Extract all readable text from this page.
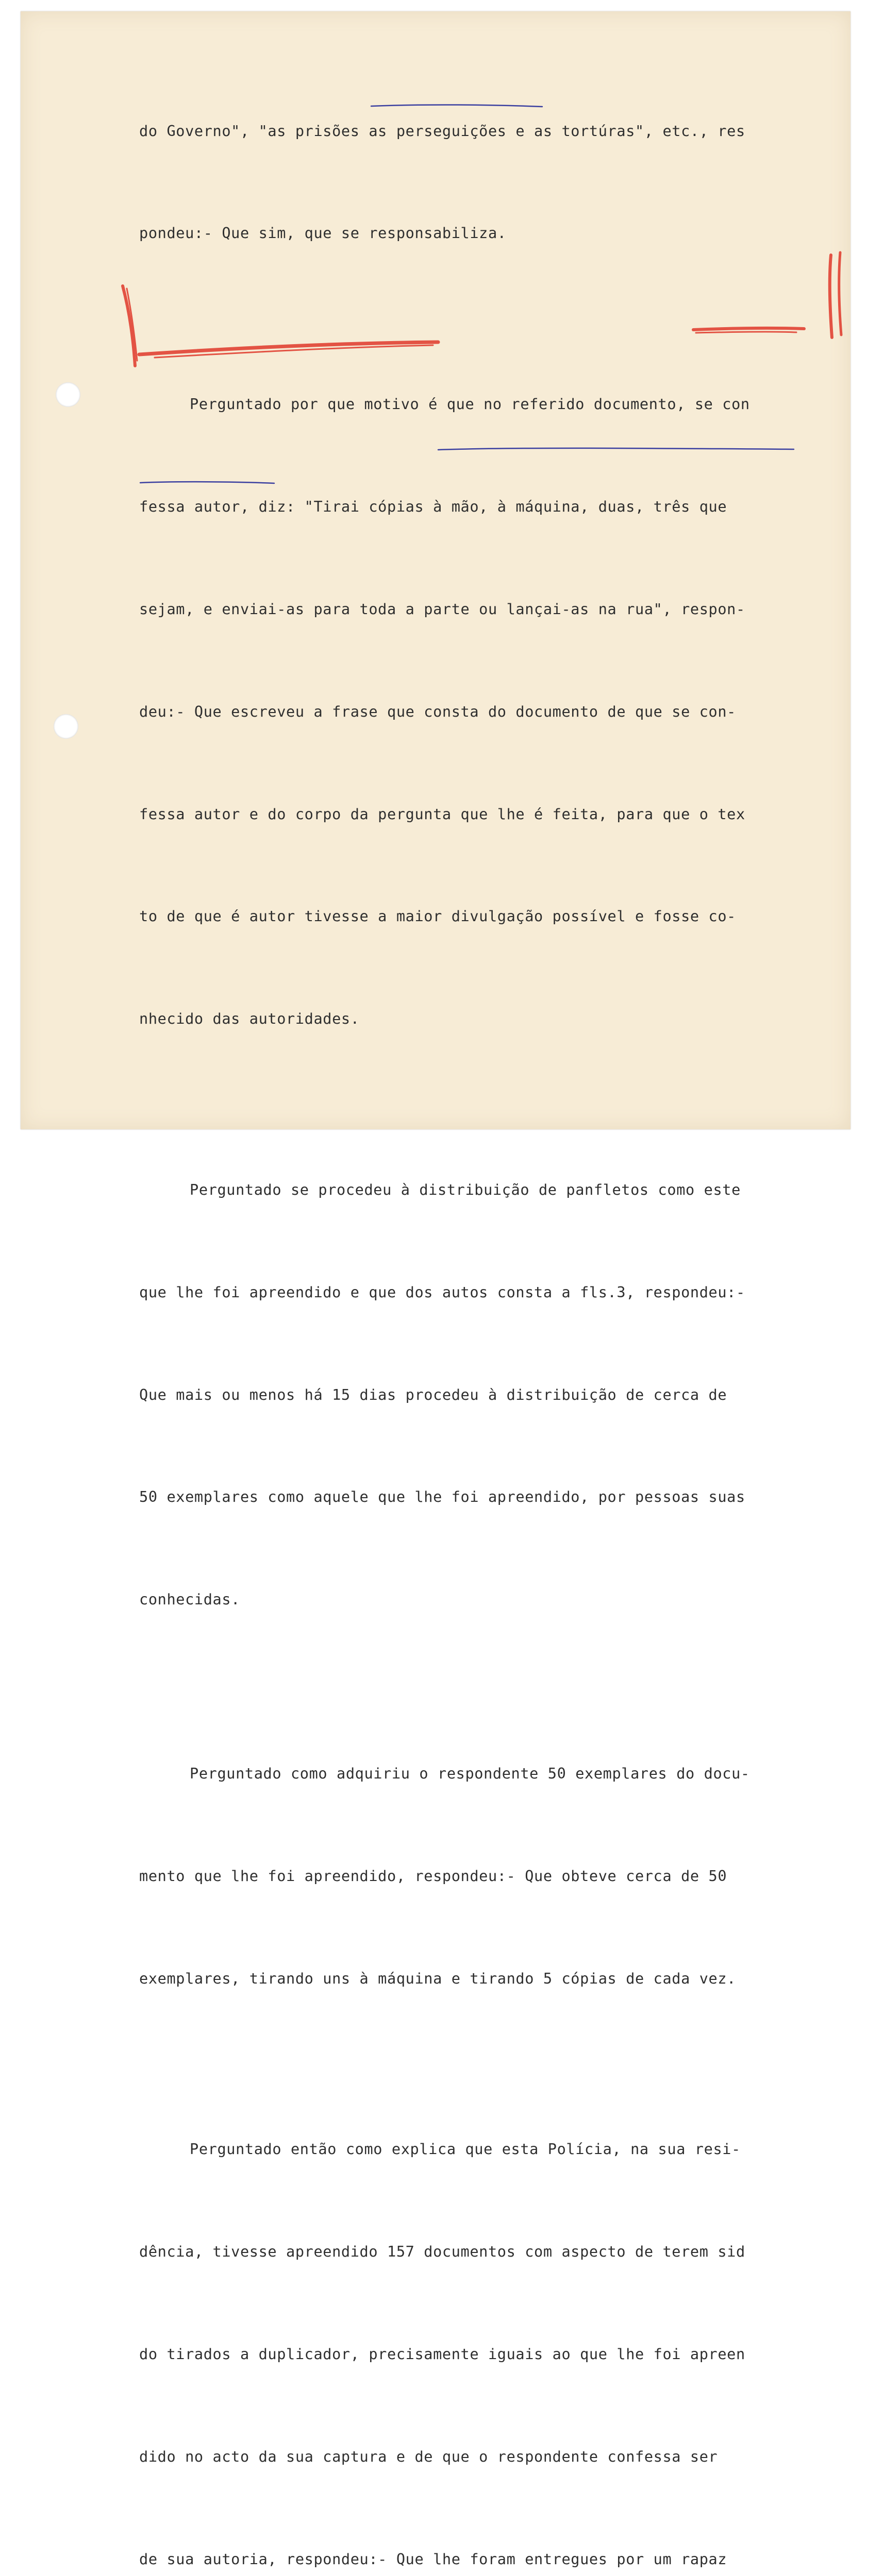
do Governo", "as prisões as perseguições e as tortúras", etc., res

pondeu:- Que sim, que se responsabiliza.

Perguntado por que motivo é que no referido documento, se con

fessa autor, diz: "Tirai cópias à mão, à máquina, duas, três que

sejam, e enviai-as para toda a parte ou lançai-as na rua", respon-

deu:- Que escreveu a frase que consta do documento de que se con-

fessa autor e do corpo da pergunta que lhe é feita, para que o tex

to de que é autor tivesse a maior divulgação possível e fosse co-

nhecido das autoridades.

Perguntado se procedeu à distribuição de panfletos como este

que lhe foi apreendido e que dos autos consta a fls.3, respondeu:-

Que mais ou menos há 15 dias procedeu à distribuição de cerca de

50 exemplares como aquele que lhe foi apreendido, por pessoas suas

conhecidas.

Perguntado como adquiriu o respondente 50 exemplares do docu-

mento que lhe foi apreendido, respondeu:- Que obteve cerca de 50

exemplares, tirando uns à máquina e tirando 5 cópias de cada vez.

Perguntado então como explica que esta Polícia, na sua resi-

dência, tivesse apreendido 157 documentos com aspecto de terem sid

do tirados a duplicador, precisamente iguais ao que lhe foi apreen

dido no acto da sua captura e de que o respondente confessa ser

de sua autoria, respondeu:- Que lhe foram entregues por um rapaz
